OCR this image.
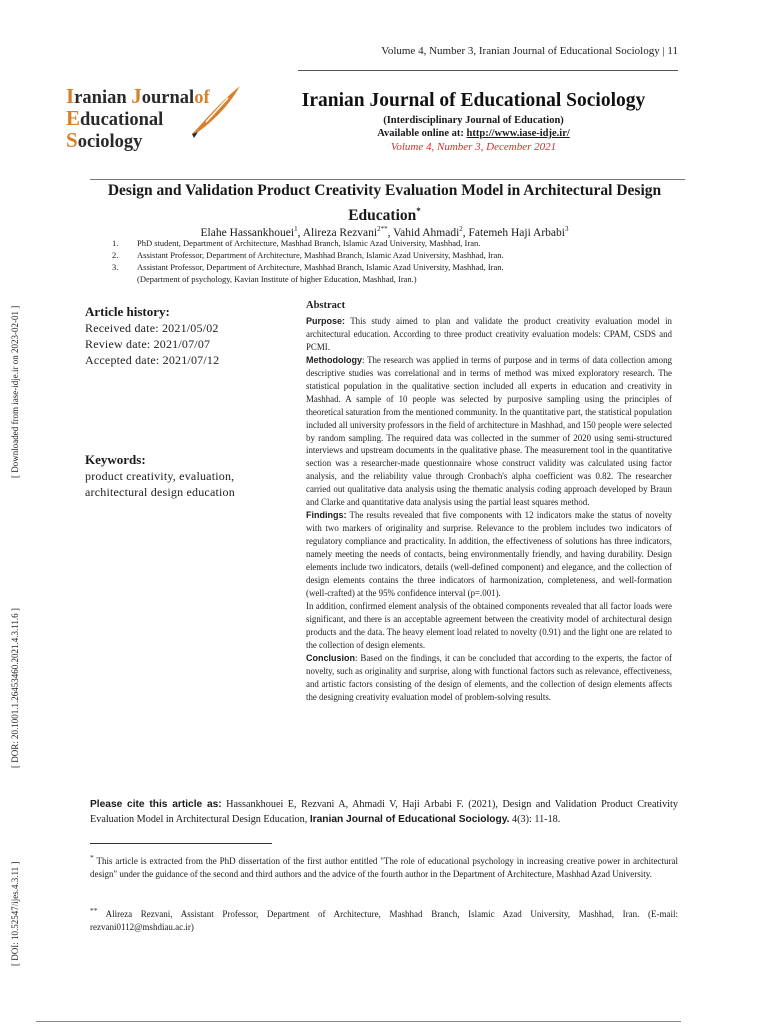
Volume 4, Number 3, Iranian Journal of Educational Sociology | 11
Iranian Journalof
Educational
Sociology
Iranian Journal of Educational Sociology
(Interdisciplinary Journal of Education)
Available online at: http://www.iase-idje.ir/
Volume 4, Number 3, December 2021
Design and Validation Product Creativity Evaluation Model in Architectural Design Education*
Elahe Hassankhouei$^1$, Alireza Rezvani$^{2**}$, Vahid Ahmadi$^2$, Fatemeh Haji Arbabi$^3$
1.	PhD student, Department of Architecture, Mashhad Branch, Islamic Azad University, Mashhad, Iran.
2.	Assistant Professor, Department of Architecture, Mashhad Branch, Islamic Azad University, Mashhad, Iran.
3.	Assistant Professor, Department of Architecture, Mashhad Branch, Islamic Azad University, Mashhad, Iran.
(Department of psychology, Kavian Institute of higher Education, Mashhad, Iran.)
Article history:
Received date: 2021/05/02
Review date: 2021/07/07
Accepted date: 2021/07/12
Keywords:
product creativity, evaluation,
architectural design education

Abstract

Purpose: This study aimed to plan and validate the product creativity evaluation model in architectural education. According to three product creativity evaluation models: CPAM, CSDS and PCMI.

Methodology: The research was applied in terms of purpose and in terms of data collection among descriptive studies was correlational and in terms of method was mixed exploratory research. The statistical population in the qualitative section included all experts in education and creativity in Mashhad. A sample of 10 people was selected by purposive sampling using the principles of theoretical saturation from the mentioned community. In the quantitative part, the statistical population included all university professors in the field of architecture in Mashhad, and 150 people were selected by random sampling. The required data was collected in the summer of 2020 using semi-structured interviews and upstream documents in the qualitative phase. The measurement tool in the quantitative section was a researcher-made questionnaire whose construct validity was calculated using factor analysis, and the reliability value through Cronbach's alpha coefficient was 0.82. The researcher carried out qualitative data analysis using the thematic analysis coding approach developed by Braun and Clarke and quantitative data analysis using the partial least squares method.

Findings: The results revealed that five components with 12 indicators make the status of novelty with two markers of originality and surprise. Relevance to the problem includes two indicators of regulatory compliance and practicality. In addition, the effectiveness of solutions has three indicators, namely meeting the needs of contacts, being environmentally friendly, and having durability. Design elements include two indicators, details (well-defined component) and elegance, and the collection of design elements contains the three indicators of harmonization, completeness, and well-formation (well-crafted) at the 95% confidence interval (p=.001).

In addition, confirmed element analysis of the obtained components revealed that all factor loads were significant, and there is an acceptable agreement between the creativity model of architectural design products and the data. The heavy element load related to novelty (0.91) and the light one are related to the collection of design elements.

Conclusion: Based on the findings, it can be concluded that according to the experts, the factor of novelty, such as originality and surprise, along with functional factors such as relevance, effectiveness, and artistic factors consisting of the design of elements, and the collection of design elements affects the designing creativity evaluation model of problem-solving results.

Please cite this article as: Hassankhouei E, Rezvani A, Ahmadi V, Haji Arbabi F. (2021), Design and Validation Product Creativity Evaluation Model in Architectural Design Education, Iranian Journal of Educational Sociology. 4(3): 11-18.
* This article is extracted from the PhD dissertation of the first author entitled "The role of educational psychology in increasing creative power in architectural design" under the guidance of the second and third authors and the advice of the fourth author in the Department of Architecture, Mashhad Azad University.
** Alireza Rezvani, Assistant Professor, Department of Architecture, Mashhad Branch, Islamic Azad University, Mashhad, Iran. (E-mail: rezvani0112@mshdiau.ac.ir)
[ Downloaded from iase-idje.ir on 2023-02-01 ]
[ DOR: 20.1001.1.26453460.2021.4.3.11.6 ]
[ DOI: 10.52547/ijes.4.3.11 ]
